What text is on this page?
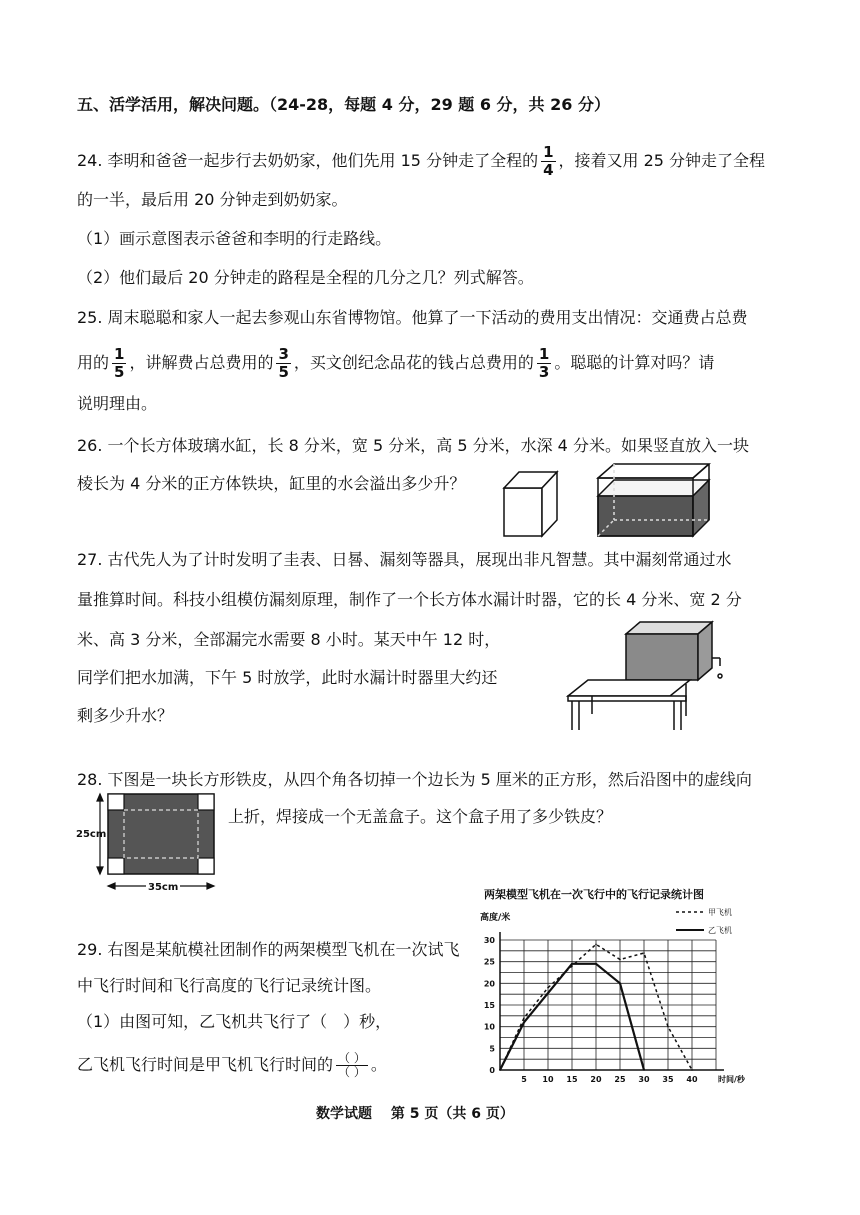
五、活学活用，解决问题。（24-28，每题 4 分，29 题 6 分，共 26 分）
24. 李明和爸爸一起步行去奶奶家，他们先用 15 分钟走了全程的 $\frac{1}{4}$ ，接着又用 25 分钟走了全程
的一半，最后用 20 分钟走到奶奶家。
（1）画示意图表示爸爸和李明的行走路线。
（2）他们最后 20 分钟走的路程是全程的几分之几？列式解答。
25. 周末聪聪和家人一起去参观山东省博物馆。他算了一下活动的费用支出情况：交通费占总费
用的 $\frac{1}{5}$ ，讲解费占总费用的 $\frac{3}{5}$ ，买文创纪念品花的钱占总费用的 $\frac{1}{3}$ 。聪聪的计算对吗？请
说明理由。
26. 一个长方体玻璃水缸，长 8 分米，宽 5 分米，高 5 分米，水深 4 分米。如果竖直放入一块
棱长为 4 分米的正方体铁块，缸里的水会溢出多少升？
27. 古代先人为了计时发明了圭表、日晷、漏刻等器具，展现出非凡智慧。其中漏刻常通过水
量推算时间。科技小组模仿漏刻原理，制作了一个长方体水漏计时器，它的长 4 分米、宽 2 分
米、高 3 分米，全部漏完水需要 8 小时。某天中午 12 时，
同学们把水加满，下午 5 时放学，此时水漏计时器里大约还
剩多少升水？
28. 下图是一块长方形铁皮，从四个角各切掉一个边长为 5 厘米的正方形，然后沿图中的虚线向
上折，焊接成一个无盖盒子。这个盒子用了多少铁皮？
25cm
35cm
29. 右图是某航模社团制作的两架模型飞机在一次试飞
中飞行时间和飞行高度的飞行记录统计图。
（1）由图可知，乙飞机共飞行了（　）秒，
乙飞机飞行时间是甲飞机飞行时间的 $\frac{( )}{( )}$ 。
两架模型飞机在一次飞行中的飞行记录统计图
5 10 15 20 25 30 35 40
0
5
10
15
20
25
30
时间/秒
高度/米
甲飞机
乙飞机
数学试题　 第 5 页（共 6 页）
